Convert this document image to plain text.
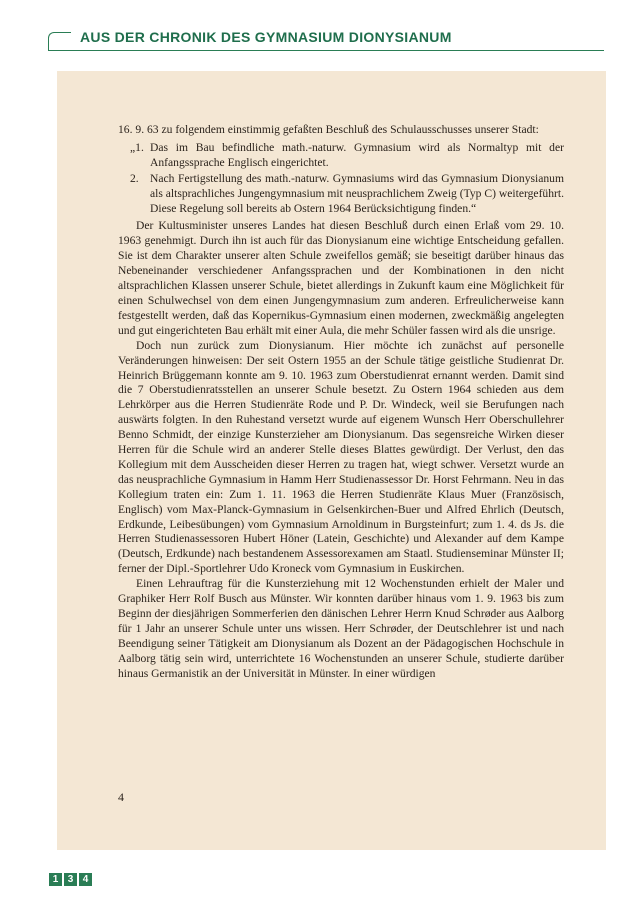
AUS DER CHRONIK DES GYMNASIUM DIONYSIANUM

16. 9. 63 zu folgendem einstimmig gefaßten Beschluß des Schulausschusses unserer Stadt:

„1. Das im Bau befindliche math.-naturw. Gymnasium wird als Normaltyp mit der Anfangssprache Englisch eingerichtet.
2. Nach Fertigstellung des math.-naturw. Gymnasiums wird das Gymnasium Dionysianum als altsprachliches Jungengymnasium mit neusprachlichem Zweig (Typ C) weitergeführt. Diese Regelung soll bereits ab Ostern 1964 Berücksichtigung finden.“

Der Kultusminister unseres Landes hat diesen Beschluß durch einen Erlaß vom 29. 10. 1963 genehmigt. Durch ihn ist auch für das Dionysianum eine wichtige Entscheidung gefallen. Sie ist dem Charakter unserer alten Schule zweifellos gemäß; sie beseitigt darüber hinaus das Nebeneinander verschiedener Anfangssprachen und der Kombinationen in den nicht altsprachlichen Klassen unserer Schule, bietet allerdings in Zukunft kaum eine Möglichkeit für einen Schulwechsel von dem einen Jungengymnasium zum anderen. Erfreulicherweise kann festgestellt werden, daß das Kopernikus-Gymnasium einen modernen, zweckmäßig angelegten und gut eingerichteten Bau erhält mit einer Aula, die mehr Schüler fassen wird als die unsrige.

Doch nun zurück zum Dionysianum. Hier möchte ich zunächst auf personelle Veränderungen hinweisen: Der seit Ostern 1955 an der Schule tätige geistliche Studienrat Dr. Heinrich Brüggemann konnte am 9. 10. 1963 zum Oberstudienrat ernannt werden. Damit sind die 7 Oberstudienratsstellen an unserer Schule besetzt. Zu Ostern 1964 schieden aus dem Lehrkörper aus die Herren Studienräte Rode und P. Dr. Windeck, weil sie Berufungen nach auswärts folgten. In den Ruhestand versetzt wurde auf eigenem Wunsch Herr Oberschullehrer Benno Schmidt, der einzige Kunsterzieher am Dionysianum. Das segensreiche Wirken dieser Herren für die Schule wird an anderer Stelle dieses Blattes gewürdigt. Der Verlust, den das Kollegium mit dem Ausscheiden dieser Herren zu tragen hat, wiegt schwer. Versetzt wurde an das neusprachliche Gymnasium in Hamm Herr Studienassessor Dr. Horst Fehrmann. Neu in das Kollegium traten ein: Zum 1. 11. 1963 die Herren Studienräte Klaus Muer (Französisch, Englisch) vom Max-Planck-Gymnasium in Gelsenkirchen-Buer und Alfred Ehrlich (Deutsch, Erdkunde, Leibesübungen) vom Gymnasium Arnoldinum in Burgsteinfurt; zum 1. 4. ds Js. die Herren Studienassessoren Hubert Höner (Latein, Geschichte) und Alexander auf dem Kampe (Deutsch, Erdkunde) nach bestandenem Assessorexamen am Staatl. Studienseminar Münster II; ferner der Dipl.-Sportlehrer Udo Kroneck vom Gymnasium in Euskirchen.

Einen Lehrauftrag für die Kunsterziehung mit 12 Wochenstunden erhielt der Maler und Graphiker Herr Rolf Busch aus Münster. Wir konnten darüber hinaus vom 1. 9. 1963 bis zum Beginn der diesjährigen Sommerferien den dänischen Lehrer Herrn Knud Schrøder aus Aalborg für 1 Jahr an unserer Schule unter uns wissen. Herr Schrøder, der Deutschlehrer ist und nach Beendigung seiner Tätigkeit am Dionysianum als Dozent an der Pädagogischen Hochschule in Aalborg tätig sein wird, unterrichtete 16 Wochenstunden an unserer Schule, studierte darüber hinaus Germanistik an der Universität in Münster. In einer würdigen

4
1 3 4
